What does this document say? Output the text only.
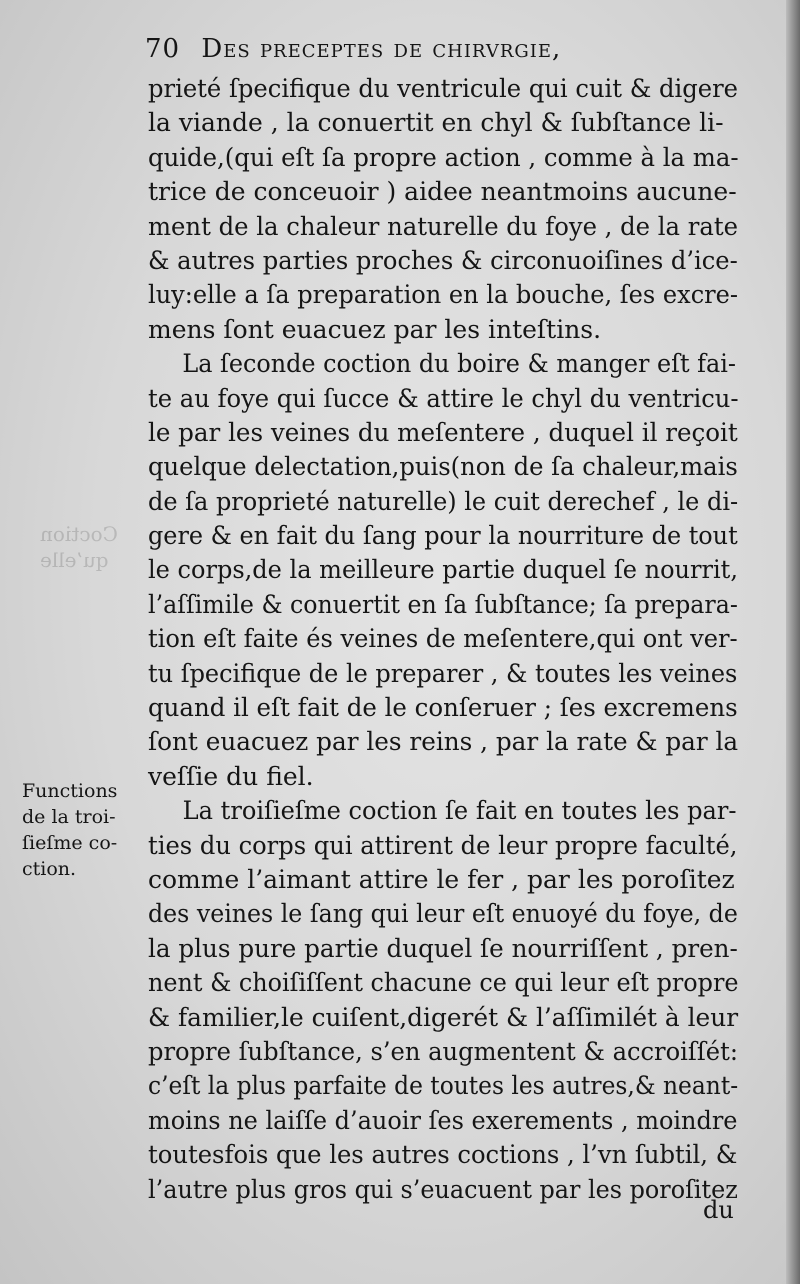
Coction
qu’elle
70 Des preceptes de chirvrgie,
prieté ſpecifique du ventricule qui cuit & digere
la viande , la conuertit en chyl & ſubſtance li-
quide,(qui eſt ſa propre action , comme à la ma-
trice de conceuoir ) aidee neantmoins aucune-
ment de la chaleur naturelle du foye , de la rate
& autres parties proches & circonuoiſines d’ice-
luy:elle a ſa preparation en la bouche, ſes excre-
mens ſont euacuez par les inteſtins.
La ſeconde coction du boire & manger eſt fai-
te au foye qui ſucce & attire le chyl du ventricu-
le par les veines du meſentere , duquel il reçoit
quelque delectation,puis(non de ſa chaleur,mais
de ſa proprieté naturelle) le cuit derechef , le di-
gere & en fait du ſang pour la nourriture de tout
le corps,de la meilleure partie duquel ſe nourrit,
l’aſſimile & conuertit en ſa ſubſtance; ſa prepara-
tion eſt faite és veines de meſentere,qui ont ver-
tu ſpecifique de le preparer , & toutes les veines
quand il eſt fait de le conſeruer ; ſes excremens
ſont euacuez par les reins , par la rate & par la
veſſie du fiel.
La troiſieſme coction ſe fait en toutes les par-
ties du corps qui attirent de leur propre faculté,
comme l’aimant attire le fer , par les poroſitez
des veines le ſang qui leur eſt enuoyé du foye, de
la plus pure partie duquel ſe nourriſſent , pren-
nent & choiſiſſent chacune ce qui leur eſt propre
& familier,le cuiſent,digerét & l’aſſimilét à leur
propre ſubſtance, s’en augmentent & accroiſſét:
c’eſt la plus parfaite de toutes les autres,& neant-
moins ne laiſſe d’auoir ſes exerements , moindre
toutesfois que les autres coctions , l’vn ſubtil, &
l’autre plus gros qui s’euacuent par les poroſitez
Functions
de la troi-
ſieſme co-
ction.
du
